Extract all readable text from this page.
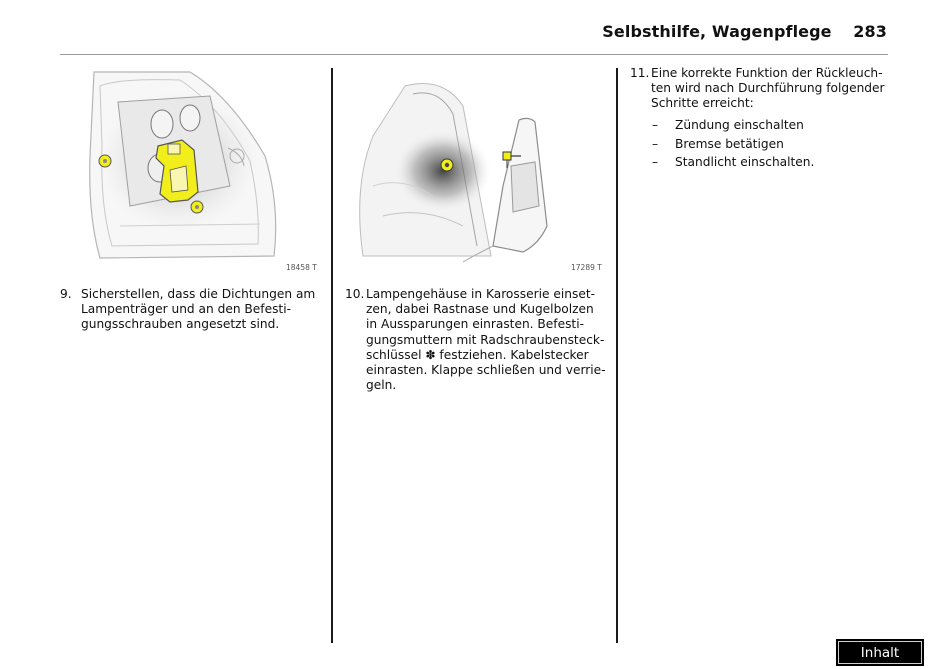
Selbsthilfe, Wagenpflege 283
18458 T	17289 T
9. Sicherstellen, dass die Dichtungen am
Lampenträger und an den Befesti-
gungsschrauben angesetzt sind.
10. Lampengehäuse in Karosserie einset-
zen, dabei Rastnase und Kugelbolzen
in Aussparungen einrasten. Befesti-
gungsmuttern mit Radschraubensteck-
schlüssel ✽ festziehen. Kabelstecker
einrasten. Klappe schließen und verrie-
geln.
11. Eine korrekte Funktion der Rückleuch-
ten wird nach Durchführung folgender
Schritte erreicht:
– Zündung einschalten
– Bremse betätigen
– Standlicht einschalten.
Inhalt
